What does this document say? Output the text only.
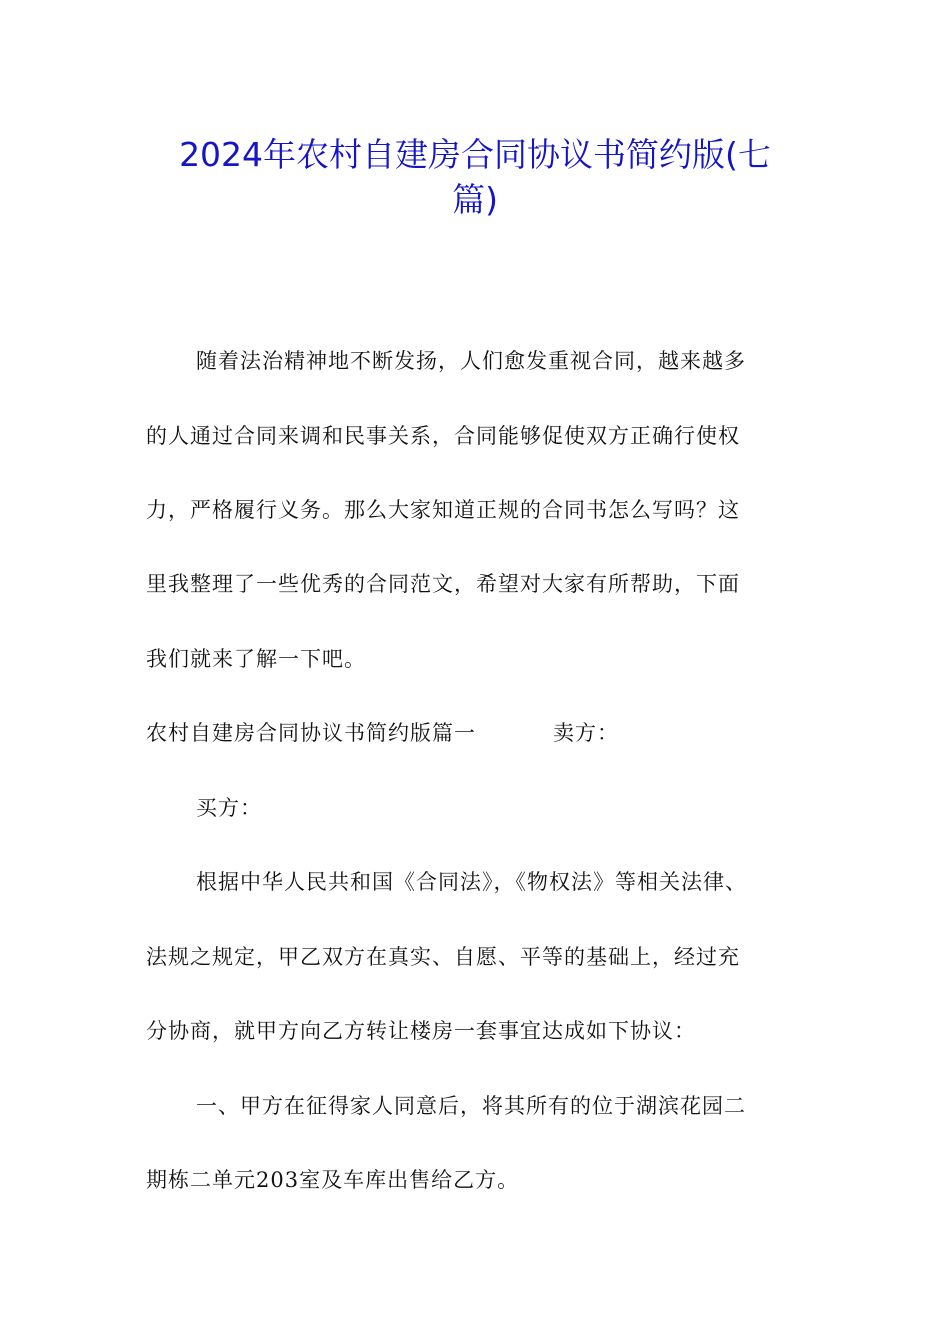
2024年农村自建房合同协议书简约版(七
篇)
随着法治精神地不断发扬，人们愈发重视合同，越来越多
的人通过合同来调和民事关系，合同能够促使双方正确行使权
力，严格履行义务。那么大家知道正规的合同书怎么写吗？这
里我整理了一些优秀的合同范文，希望对大家有所帮助，下面
我们就来了解一下吧。
农村自建房合同协议书简约版篇一	卖方：
买方：
根据中华人民共和国《合同法》，《物权法》等相关法律、
法规之规定，甲乙双方在真实、自愿、平等的基础上，经过充
分协商，就甲方向乙方转让楼房一套事宜达成如下协议：
一、甲方在征得家人同意后，将其所有的位于湖滨花园二
期栋二单元203室及车库出售给乙方。
